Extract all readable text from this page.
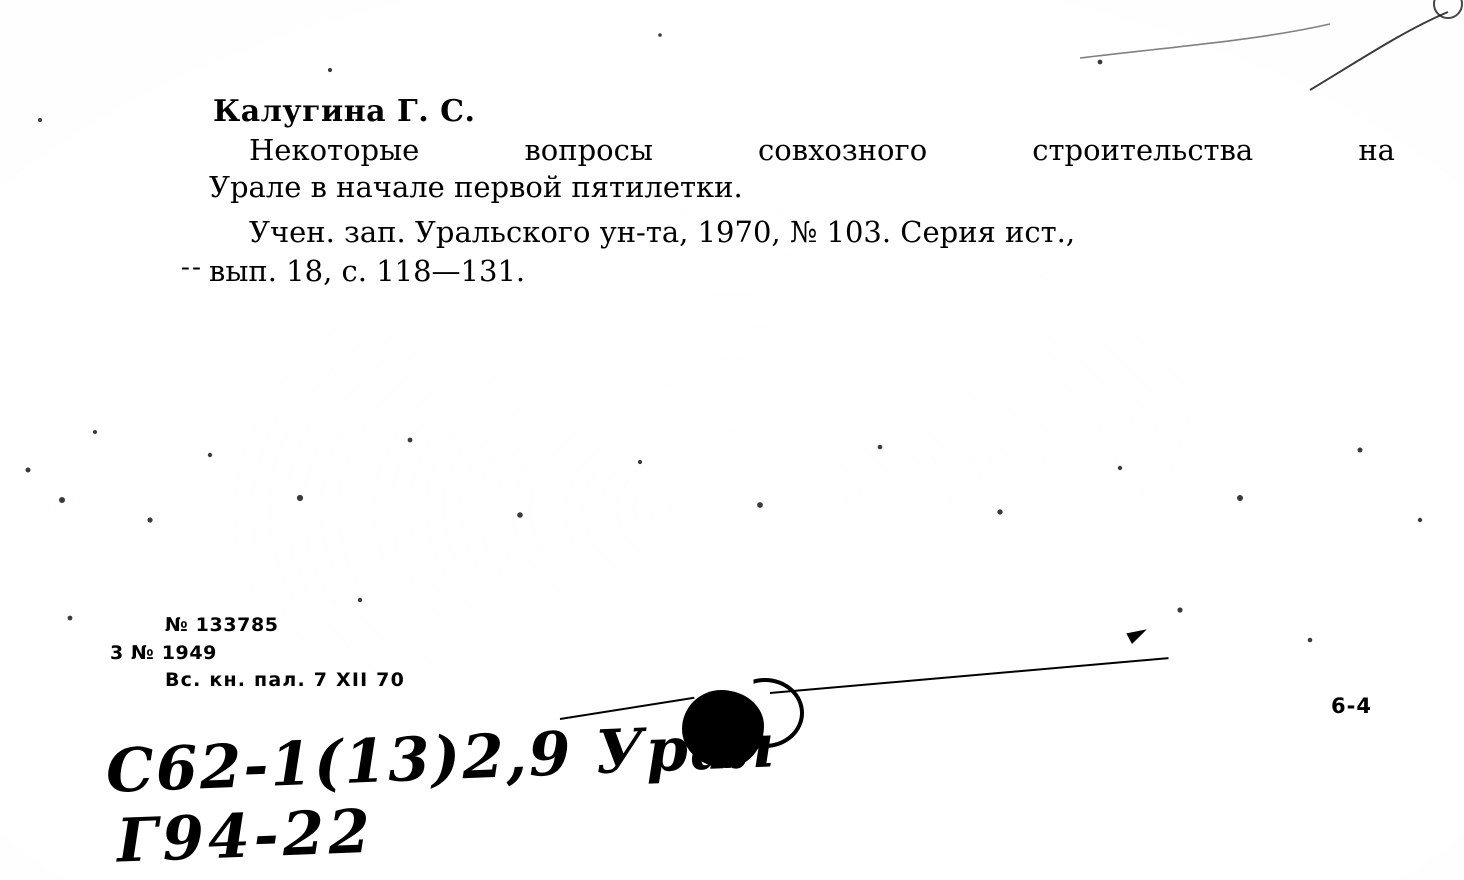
Калугина Г. С.
Некоторые	вопросы	совхозного	строительства	на
Урале в начале первой пятилетки.
- -
Учен. зап. Уральского ун-та, 1970, № 103. Серия ист.,
вып. 18, с. 118—131.
№ 133785
3 № 1949
Вс. кн. пал. 7 XII 70
6-4
С62-1(13)2,9 Урал
Г94-22
